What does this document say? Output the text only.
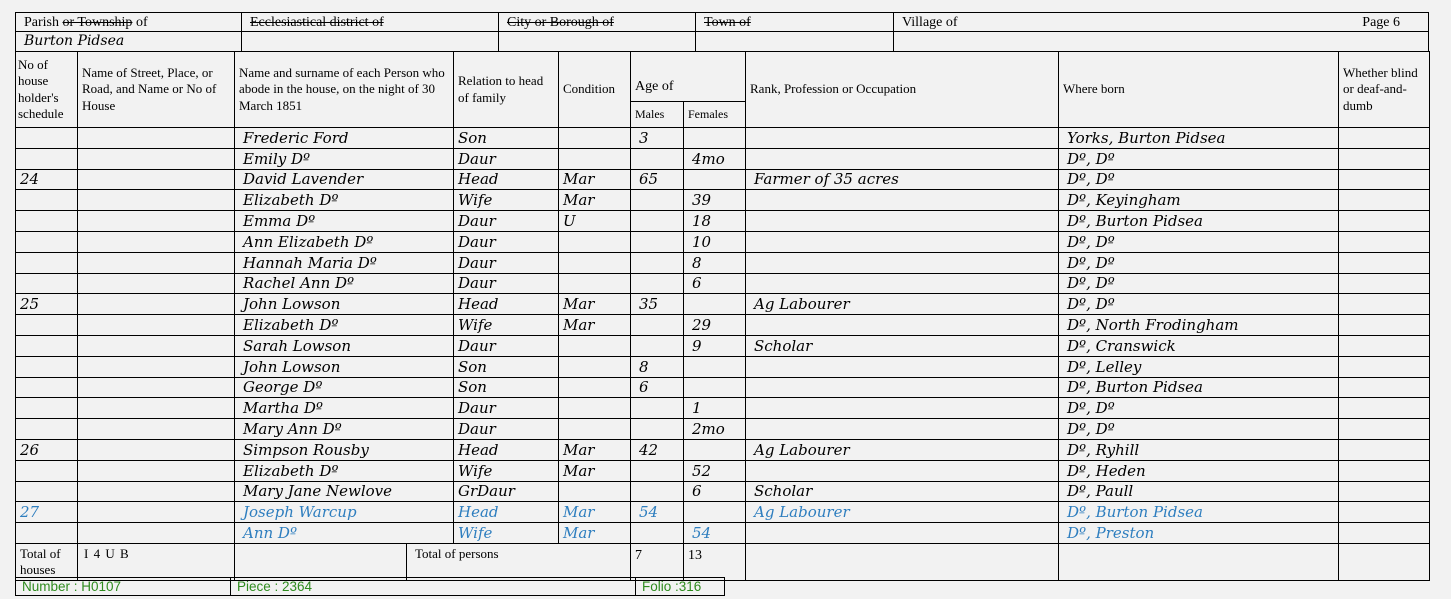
Parish or Township of	Ecclesiastical district of	City or Borough of	Town of	Village of	Page 6
Burton Pidsea
No of house holder's schedule	Name of Street, Place, or Road, and Name or No of House	Name and surname of each Person who abode in the house, on the night of 30 March 1851	Relation to head of family	Condition	Age of		Rank, Profession or Occupation	Where born	Whether blind or deaf-and-dumb
					Males	Females			
		Frederic Ford	Son		3			Yorks, Burton Pidsea	
		Emily Dº	Daur			4mo		Dº, Dº	
24		David Lavender	Head	Mar	65		Farmer of 35 acres	Dº, Dº	
		Elizabeth Dº	Wife	Mar		39		Dº, Keyingham	
		Emma Dº	Daur	U		18		Dº, Burton Pidsea	
		Ann Elizabeth Dº	Daur			10		Dº, Dº	
		Hannah Maria Dº	Daur			8		Dº, Dº	
		Rachel Ann Dº	Daur			6		Dº, Dº	
25		John Lowson	Head	Mar	35		Ag Labourer	Dº, Dº	
		Elizabeth Dº	Wife	Mar		29		Dº, North Frodingham	
		Sarah Lowson	Daur			9	Scholar	Dº, Cranswick	
		John Lowson	Son		8			Dº, Lelley	
		George Dº	Son		6			Dº, Burton Pidsea	
		Martha Dº	Daur			1		Dº, Dº	
		Mary Ann Dº	Daur			2mo		Dº, Dº	
26		Simpson Rousby	Head	Mar	42		Ag Labourer	Dº, Ryhill	
		Elizabeth Dº	Wife	Mar		52		Dº, Heden	
		Mary Jane Newlove	GrDaur			6	Scholar	Dº, Paull	
27		Joseph Warcup	Head	Mar	54		Ag Labourer	Dº, Burton Pidsea	
		Ann Dº	Wife	Mar		54		Dº, Preston	
Total of houses	I 4 U B	Total of persons			7	13			
Number : H0107	Piece : 2364	Folio :316
